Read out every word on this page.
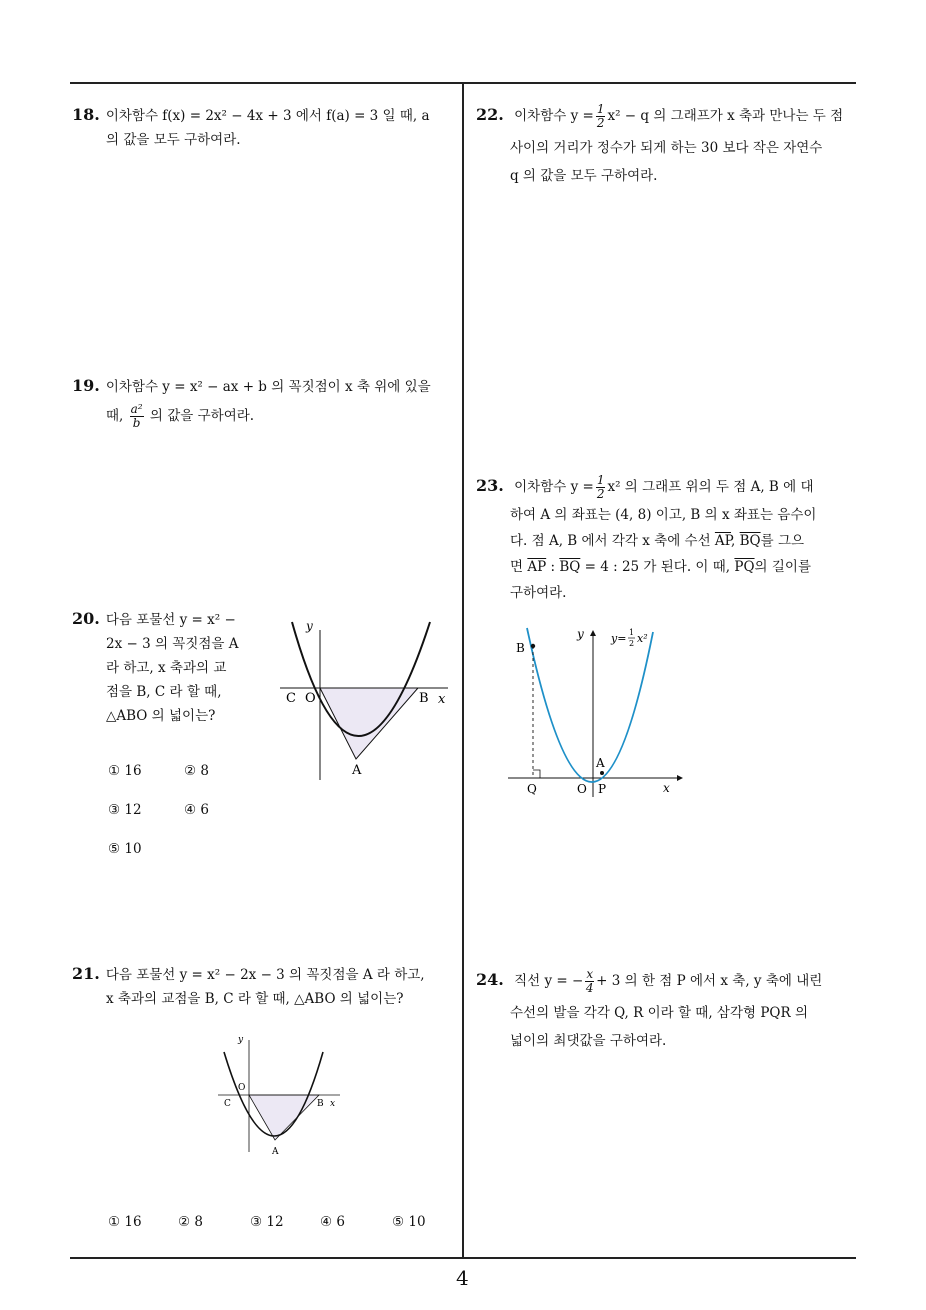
18. 이차함수 f(x) = 2x² − 4x + 3 에서 f(a) = 3 일 때, a
의 값을 모두 구하여라.
19. 이차함수 y = x² − ax + b 의 꼭짓점이 x 축 위에 있을

때, $\frac{\text{a²}}{b}$ 의 값을 구하여라.
20. 다음 포물선 y = x² −
2x − 3 의 꼭짓점을 A
라 하고, x 축과의 교
점을 B, C 라 할 때,
△ABO 의 넓이는?
① 16	② 8
③ 12	④ 6
⑤ 10
y
x
C O	B
A
21. 다음 포물선 y = x² − 2x − 3 의 꼭짓점을 A 라 하고,
x 축과의 교점을 B, C 라 할 때, △ABO 의 넓이는?
y
x
O
C	B
A
① 16	② 8	③ 12	④ 6	⑤ 10
22. 이차함수 $y = \frac{1}{2} x^2 - q$ 의 그래프가 x 축과 만나는 두 점
사이의 거리가 정수가 되게 하는 30 보다 작은 자연수
q 의 값을 모두 구하여라.
23. 이차함수 $y = \frac{1}{2} x^2$ 의 그래프 위의 두 점 A, B 에 대
하여 A 의 좌표는 (4, 8) 이고, B 의 x 좌표는 음수이
다. 점 A, B 에서 각각 x 축에 수선 $\overline{AP}$, $\overline{BQ}$를 그으
면 $\overline{AP}$ : $\overline{BQ} = 4$ : 25 가 된다. 이 때, $\overline{PQ}$의 길이를
구하여라.
B
A
Q	O P	x
y y= 1
2 x²
24. 직선 y = − $\frac{x}{4} + 3$ 의 한 점 P 에서 x 축, y 축에 내린
수선의 발을 각각 Q, R 이라 할 때, 삼각형 PQR 의
넓이의 최댓값을 구하여라.
4
